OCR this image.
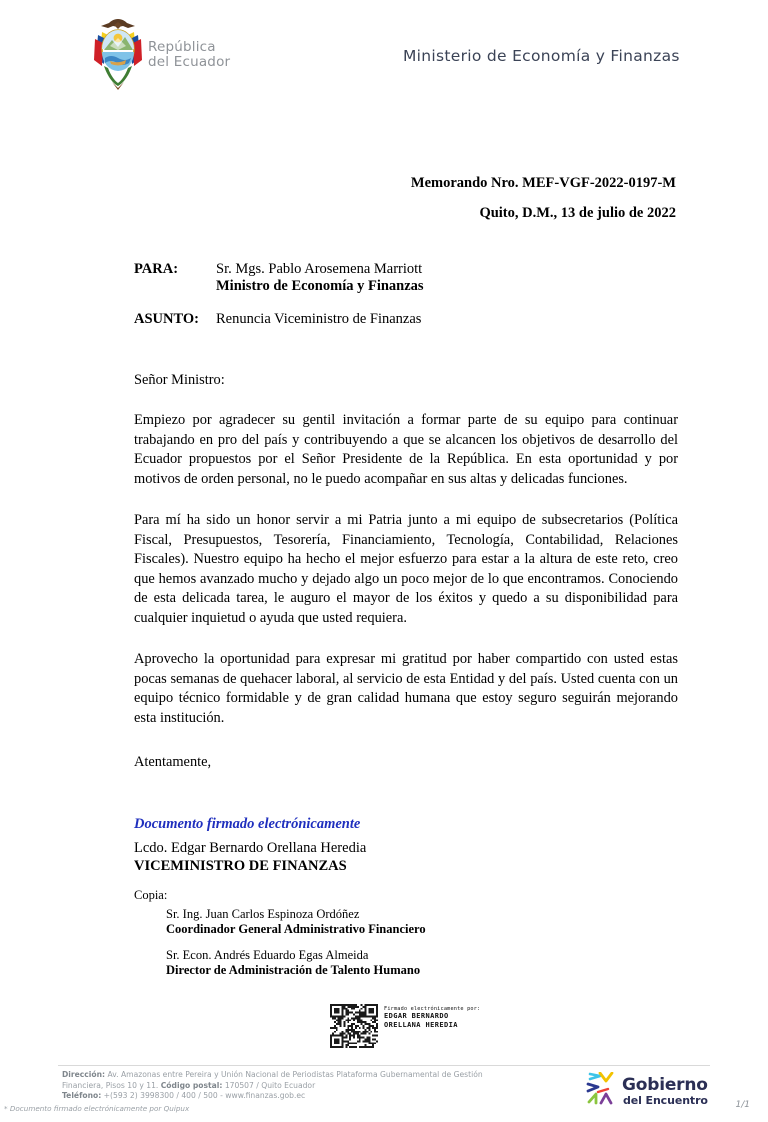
República
del Ecuador	Ministerio de Economía y Finanzas
Memorando Nro. MEF-VGF-2022-0197-M
Quito, D.M., 13 de julio de 2022
PARA:	Sr. Mgs. Pablo Arosemena Marriott
Ministro de Economía y Finanzas
ASUNTO:	Renuncia Viceministro de Finanzas

Señor Ministro:

Empiezo por agradecer su gentil invitación a formar parte de su equipo para continuar trabajando en pro del país y contribuyendo a que se alcancen los objetivos de desarrollo del Ecuador propuestos por el Señor Presidente de la República. En esta oportunidad y por motivos de orden personal, no le puedo acompañar en sus altas y delicadas funciones.

Para mí ha sido un honor servir a mi Patria junto a mi equipo de subsecretarios (Política Fiscal, Presupuestos, Tesorería, Financiamiento, Tecnología, Contabilidad, Relaciones Fiscales). Nuestro equipo ha hecho el mejor esfuerzo para estar a la altura de este reto, creo que hemos avanzado mucho y dejado algo un poco mejor de lo que encontramos. Conociendo de esta delicada tarea, le auguro el mayor de los éxitos y quedo a su disponibilidad para cualquier inquietud o ayuda que usted requiera.

Aprovecho la oportunidad para expresar mi gratitud por haber compartido con usted estas pocas semanas de quehacer laboral, al servicio de esta Entidad y del país. Usted cuenta con un equipo técnico formidable y de gran calidad humana que estoy seguro seguirán mejorando esta institución.

Atentamente,

Documento firmado electrónicamente
Lcdo. Edgar Bernardo Orellana Heredia
VICEMINISTRO DE FINANZAS
Copia:
Sr. Ing. Juan Carlos Espinoza Ordóñez
Coordinador General Administrativo Financiero
Sr. Econ. Andrés Eduardo Egas Almeida
Director de Administración de Talento Humano
Firmado electrónicamente por:
EDGAR BERNARDO
ORELLANA HEREDIA
Dirección: Av. Amazonas entre Pereira y Unión Nacional de Periodistas Plataforma Gubernamental de Gestión Financiera, Pisos 10 y 11. Código postal: 170507 / Quito Ecuador
Teléfono: +(593 2) 3998300 / 400 / 500 - www.finanzas.gob.ec
* Documento firmado electrónicamente por Quipux	1/1
Gobierno
del Encuentro
